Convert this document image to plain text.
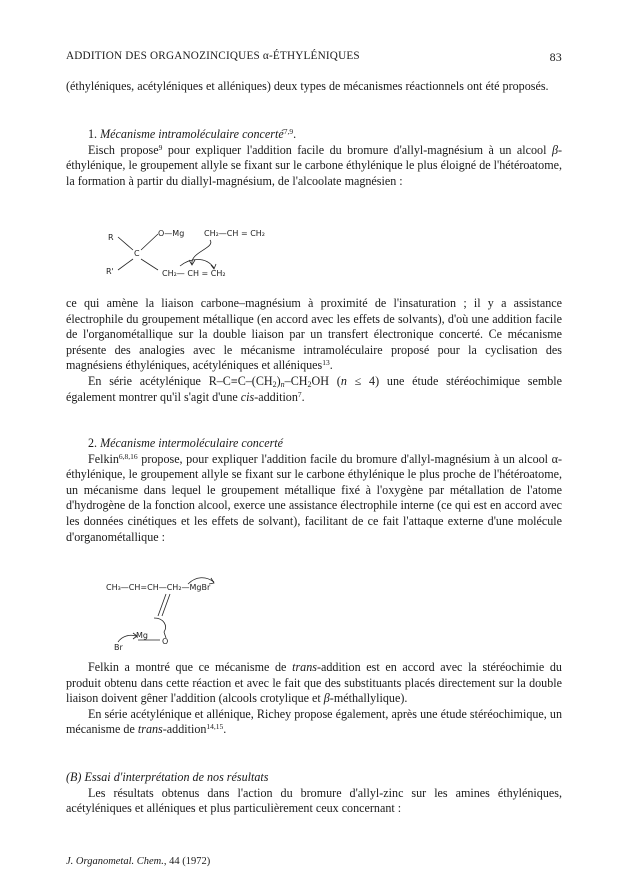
ADDITION DES ORGANOZINCIQUES α-ÉTHYLÉNIQUES	83

(éthyléniques, acétyléniques et alléniques) deux types de mécanismes réactionnels ont été proposés.

1. Mécanisme intramoléculaire concerté$^{7,9}$.

Eisch propose$^9$ pour expliquer l'addition facile du bromure d'allyl-magnésium à un alcool β-éthylénique, le groupement allyle se fixant sur le carbone éthylénique le plus éloigné de l'hétéroatome, la formation à partir du diallyl-magnésium, de l'alcoolate magnésien :

R
R'
C
O—Mg CH₂—CH = CH₂
CH₂— CH = CH₂

ce qui amène la liaison carbone–magnésium à proximité de l'insaturation ; il y a assistance électrophile du groupement métallique (en accord avec les effets de solvants), d'où une addition facile de l'organométallique sur la double liaison par un transfert électronique concerté. Ce mécanisme présente des analogies avec le mécanisme intramoléculaire proposé pour la cyclisation des magnésiens éthyléniques, acétyléniques et alléniques$^{13}$.

En série acétylénique $R-C\equiv C-(CH_2)_n-CH_2OH$ (n ≤ 4) une étude stéréochimique semble également montrer qu'il s'agit d'une cis-addition$^7$.

2. Mécanisme intermoléculaire concerté

Felkin$^{6,8,16}$ propose, pour expliquer l'addition facile du bromure d'allyl-magnésium à un alcool α-éthylénique, le groupement allyle se fixant sur le carbone éthylénique le plus proche de l'hétéroatome, un mécanisme dans lequel le groupement métallique fixé à l'oxygène par métallation de l'atome d'hydrogène de la fonction alcool, exerce une assistance électrophile interne (ce qui est en accord avec les données cinétiques et les effets de solvant), facilitant de ce fait l'attaque externe d'une molécule d'organométallique :

CH₃—CH=CH—CH₂—MgBr
Mg
O
Br

Felkin a montré que ce mécanisme de trans-addition est en accord avec la stéréochimie du produit obtenu dans cette réaction et avec le fait que des substituants placés directement sur la double liaison doivent gêner l'addition (alcools crotylique et β-méthallylique).

En série acétylénique et allénique, Richey propose également, après une étude stéréochimique, un mécanisme de trans-addition$^{14,15}$.

(B) Essai d'interprétation de nos résultats

Les résultats obtenus dans l'action du bromure d'allyl-zinc sur les amines éthyléniques, acétyléniques et alléniques et plus particulièrement ceux concernant :

J. Organometal. Chem., 44 (1972)
